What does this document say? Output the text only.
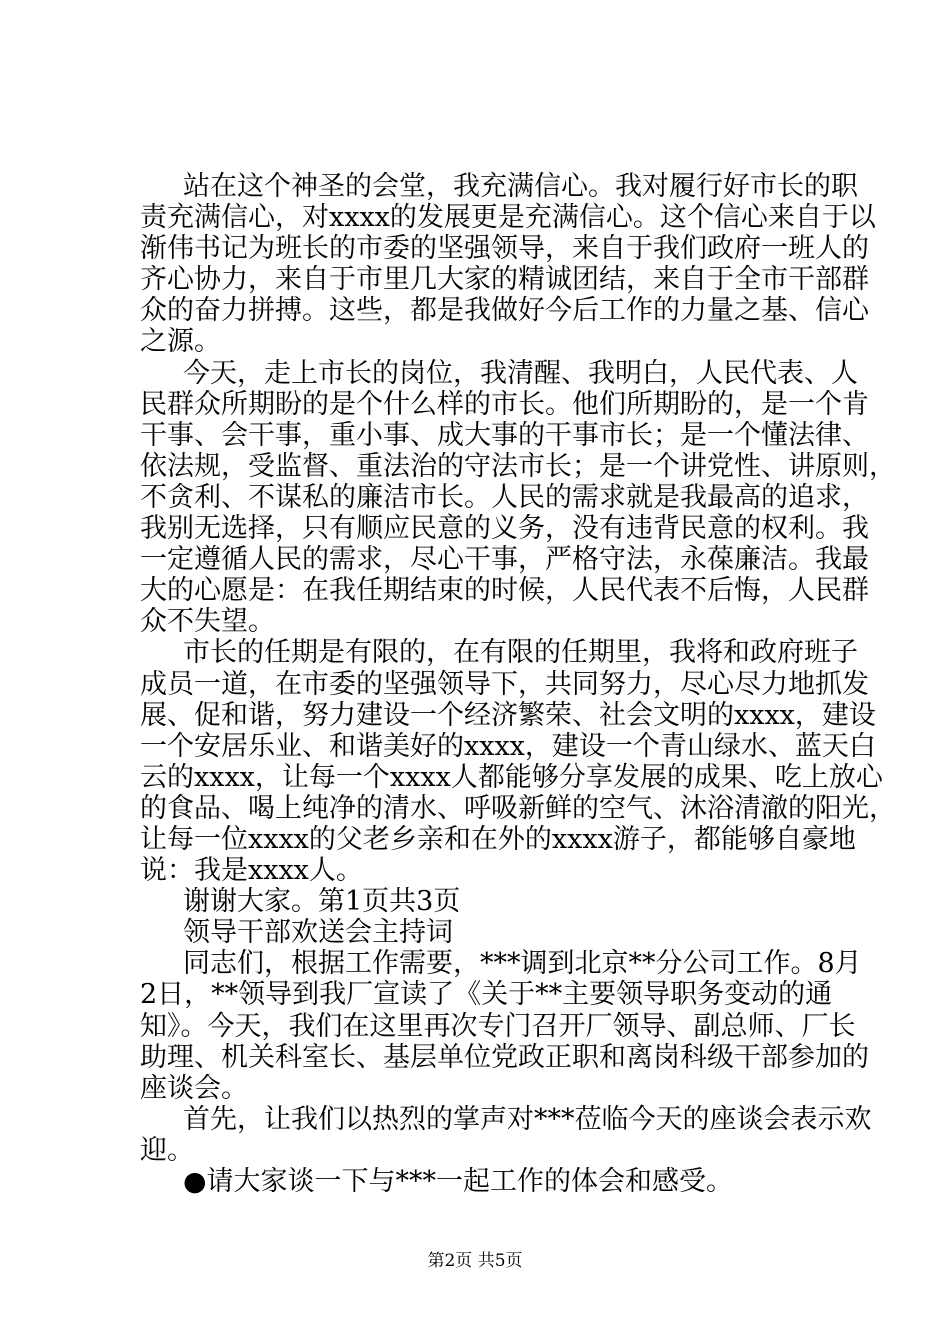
站在这个神圣的会堂，我充满信心。我对履行好市长的职
责充满信心，对xxxx的发展更是充满信心。这个信心来自于以
渐伟书记为班长的市委的坚强领导，来自于我们政府一班人的
齐心协力，来自于市里几大家的精诚团结，来自于全市干部群
众的奋力拼搏。这些，都是我做好今后工作的力量之基、信心
之源。
今天，走上市长的岗位，我清醒、我明白，人民代表、人
民群众所期盼的是个什么样的市长。他们所期盼的，是一个肯
干事、会干事，重小事、成大事的干事市长；是一个懂法律、
依法规，受监督、重法治的守法市长；是一个讲党性、讲原则，
不贪利、不谋私的廉洁市长。人民的需求就是我最高的追求，
我别无选择，只有顺应民意的义务，没有违背民意的权利。我
一定遵循人民的需求，尽心干事，严格守法，永葆廉洁。我最
大的心愿是：在我任期结束的时候，人民代表不后悔，人民群
众不失望。
市长的任期是有限的，在有限的任期里，我将和政府班子
成员一道，在市委的坚强领导下，共同努力，尽心尽力地抓发
展、促和谐，努力建设一个经济繁荣、社会文明的xxxx，建设
一个安居乐业、和谐美好的xxxx，建设一个青山绿水、蓝天白
云的xxxx，让每一个xxxx人都能够分享发展的成果、吃上放心
的食品、喝上纯净的清水、呼吸新鲜的空气、沐浴清澈的阳光，
让每一位xxxx的父老乡亲和在外的xxxx游子，都能够自豪地
说：我是xxxx人。
谢谢大家。第1页共3页
领导干部欢送会主持词
同志们，根据工作需要，***调到北京**分公司工作。8月
2日，**领导到我厂宣读了《关于**主要领导职务变动的通
知》。今天，我们在这里再次专门召开厂领导、副总师、厂长
助理、机关科室长、基层单位党政正职和离岗科级干部参加的
座谈会。
首先，让我们以热烈的掌声对***莅临今天的座谈会表示欢
迎。
●请大家谈一下与***一起工作的体会和感受。
第2页 共5页
